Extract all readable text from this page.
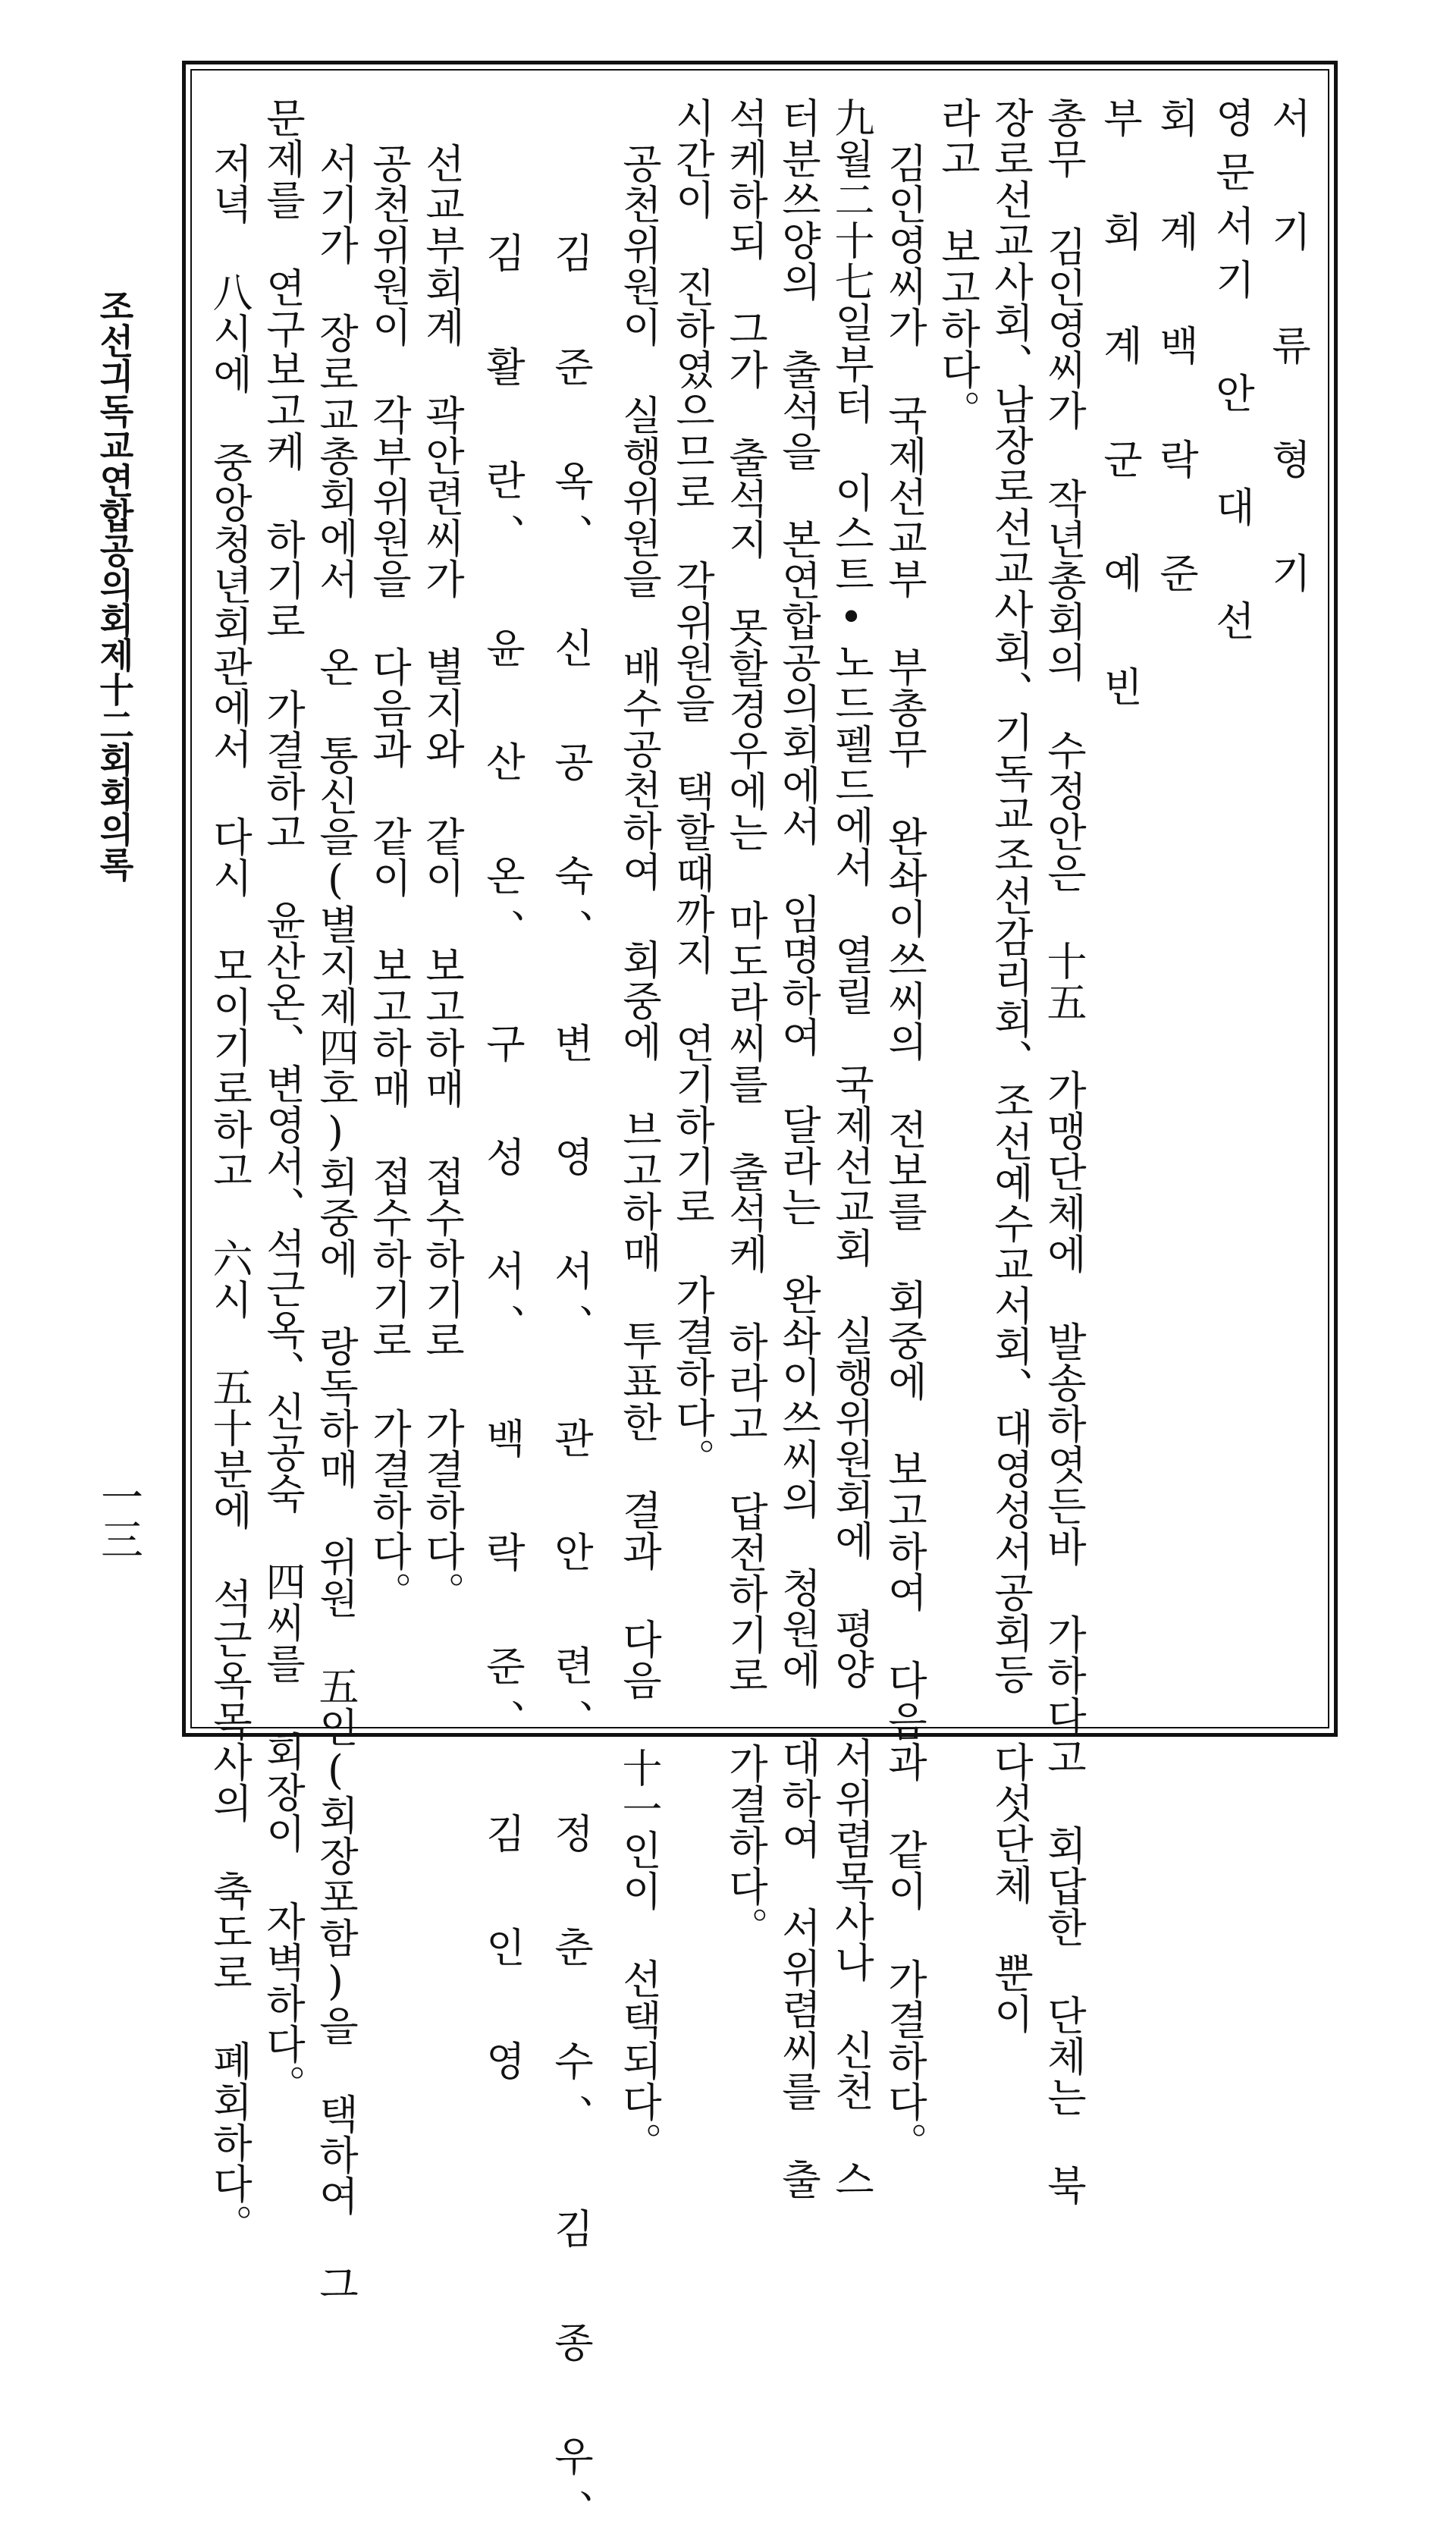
서 기 류 형 기
영문서기 안 대 선
회 계 백 락 준
부 회 계 군 예 빈
총무 김인영씨가 작년총회의 수정안은 十五 가맹단체에 발송하엿든바 가하다고 회답한 단체는 북
장로선교사회、남장로선교사회、기독교조선감리회、조선예수교서회、대영성서공회등 다섯단체 뿐이
라고 보고하다。
김인영씨가 국제선교부 부총무 완솨이쓰씨의 전보를 회중에 보고하여 다음과 같이 가결하다。
九월二十七일부터 이스트•노드펠드에서 열릴 국제선교회 실행위원회에 평양 서위렴목사나 신천 스
터분쓰양의 출석을 본연합공의회에서 임명하여 달라는 완솨이쓰씨의 청원에 대하여 서위렴씨를 출
석케하되 그가 출석지 못할경우에는 마도라씨를 출석케 하라고 답전하기로 가결하다。
시간이 진하였으므로 각위원을 택할때까지 연기하기로 가결하다。
공천위원이 실행위원을 배수공천하여 회중에 브고하매 투표한 결과 다음 十一인이 선택되다。
김 준 옥、 신 공 숙、 변 영 서、 관 안 련、 정 춘 수、 김 종 우、
김 활 란、 윤 산 온、 구 성 서、 백 락 준、 김 인 영
선교부회계 곽안련씨가 별지와 같이 보고하매 접수하기로 가결하다。
공천위원이 각부위원을 다음과 같이 보고하매 접수하기로 가결하다。
서기가 장로교총회에서 온 통신을(별지제四호)회중에 랑독하매 위원 五인(회장포함)을 택하여 그
문제를 연구보고케 하기로 가결하고 윤산온、변영서、석근옥、신공숙 四씨를 회장이 자벽하다。
저녁 八시에 중앙청년회관에서 다시 모이기로하고 六시 五十분에 석근옥목사의 축도로 폐회하다。
조선긔독교연합공의회제十二회회의록
一三
